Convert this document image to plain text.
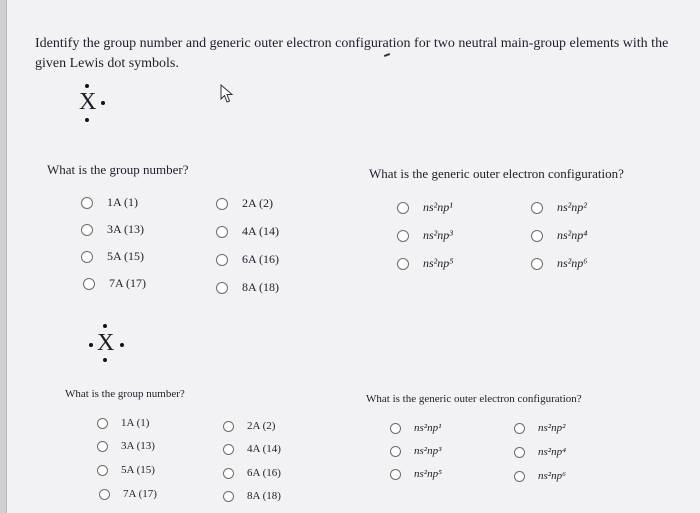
Identify the group number and generic outer electron configuration for two neutral main-group elements with the given Lewis dot symbols.
X
What is the group number?	What is the generic outer electron configuration?
1A (1)	2A (2)
3A (13)	4A (14)
5A (15)	6A (16)
7A (17)	8A (18)
ns²np¹	ns²np²
ns²np³	ns²np⁴
ns²np⁵	ns²np⁶
X
What is the group number?	What is the generic outer electron configuration?
1A (1)	2A (2)
3A (13)	4A (14)
5A (15)	6A (16)
7A (17)	8A (18)
ns²np¹	ns²np²
ns²np³	ns²np⁴
ns²np⁵	ns²np⁶
